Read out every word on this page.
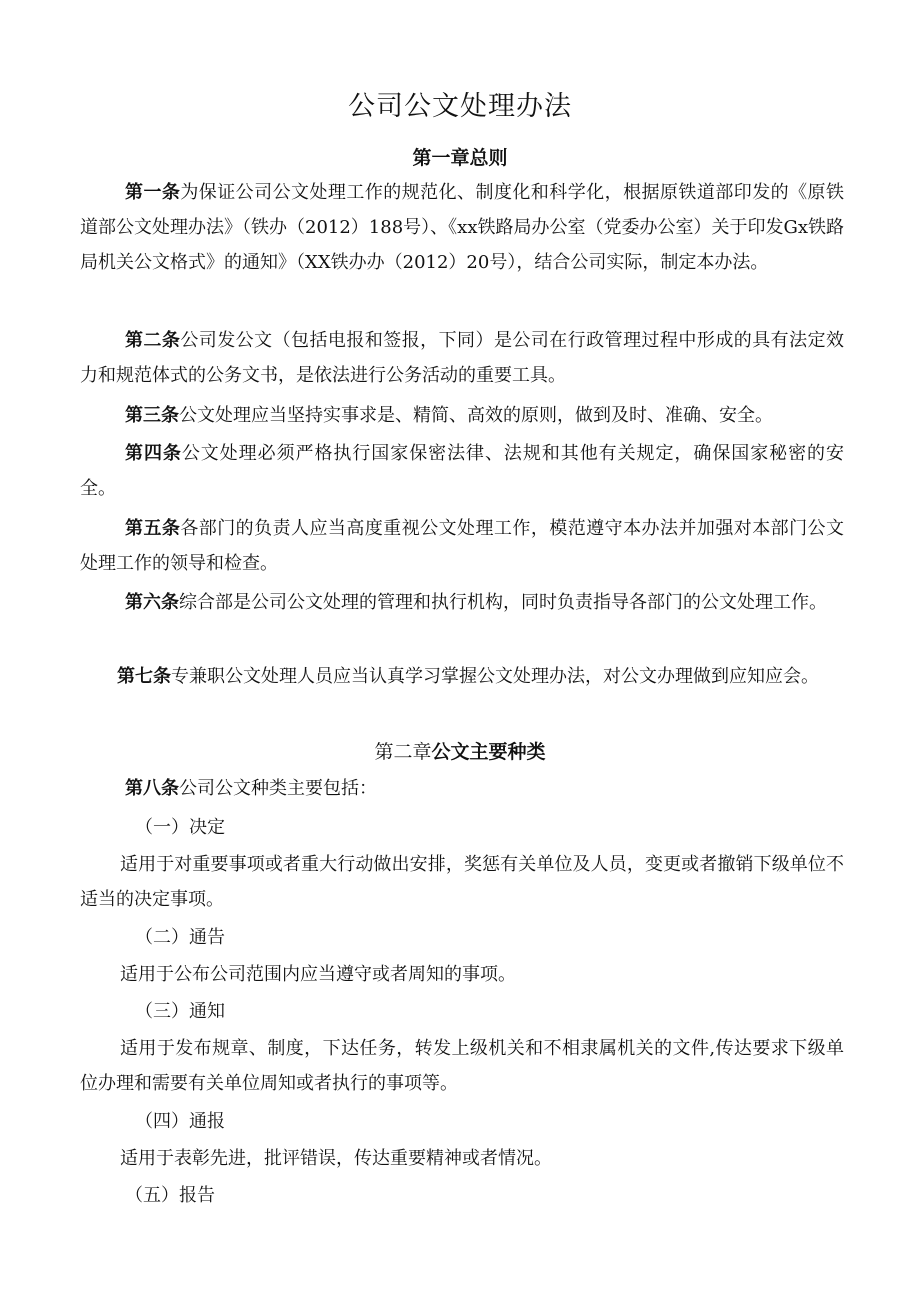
公司公文处理办法
第一章总则

第一条为保证公司公文处理工作的规范化、制度化和科学化，根据原铁道部印发的《原铁道部公文处理办法》（铁办（2012）188号）、《xx铁路局办公室（党委办公室）关于印发Gx铁路局机关公文格式》的通知》（XX铁办办（2012）20号），结合公司实际，制定本办法。

第二条公司发公文（包括电报和签报，下同）是公司在行政管理过程中形成的具有法定效力和规范体式的公务文书，是依法进行公务活动的重要工具。

第三条公文处理应当坚持实事求是、精简、高效的原则，做到及时、准确、安全。

第四条公文处理必须严格执行国家保密法律、法规和其他有关规定，确保国家秘密的安全。

第五条各部门的负责人应当高度重视公文处理工作，模范遵守本办法并加强对本部门公文处理工作的领导和检查。

第六条综合部是公司公文处理的管理和执行机构，同时负责指导各部门的公文处理工作。

第七条专兼职公文处理人员应当认真学习掌握公文处理办法，对公文办理做到应知应会。

第二章公文主要种类

第八条公司公文种类主要包括：

（一）决定

适用于对重要事项或者重大行动做出安排，奖惩有关单位及人员，变更或者撤销下级单位不适当的决定事项。

（二）通告

适用于公布公司范围内应当遵守或者周知的事项。

（三）通知

适用于发布规章、制度，下达任务，转发上级机关和不相隶属机关的文件,传达要求下级单位办理和需要有关单位周知或者执行的事项等。

（四）通报

适用于表彰先进，批评错误，传达重要精神或者情况。

（五）报告
